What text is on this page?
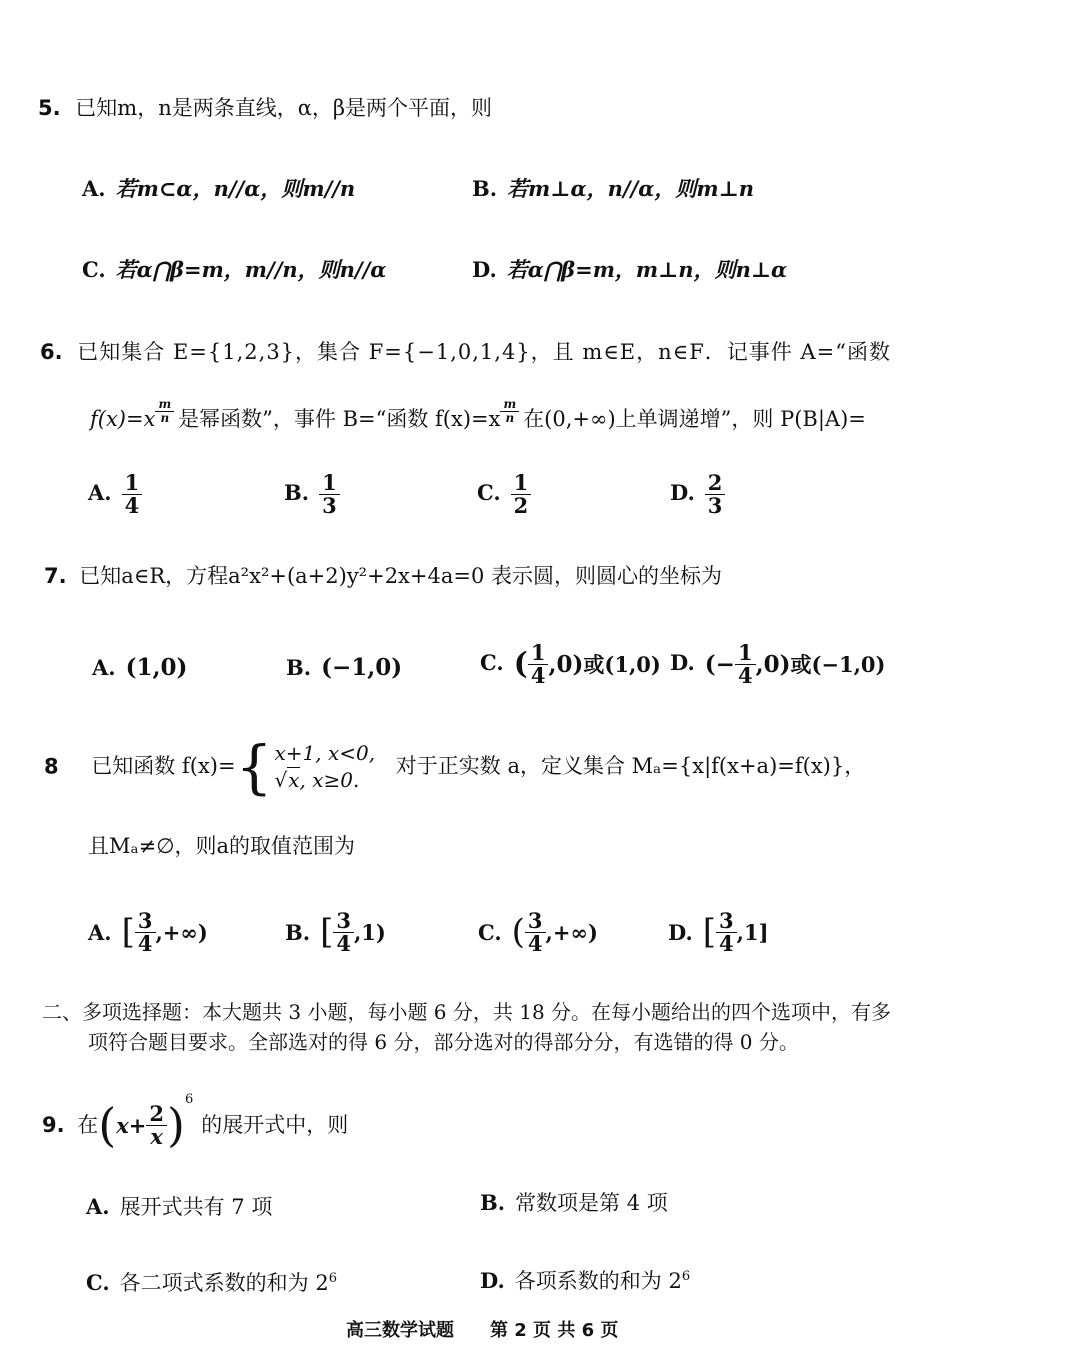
5. 已知m，n是两条直线，α，β是两个平面，则
A. 若m⊂α，n//α，则m//n	B. 若m⊥α，n//α，则m⊥n
C. 若α⋂β=m，m//n，则n//α	D. 若α⋂β=m，m⊥n，则n⊥α
6. 已知集合 E={1,2,3}，集合 F={−1,0,1,4}，且 m∈E，n∈F．记事件 A=“函数
$f(x)=x \frac{m}{n}$ 是幂函数”，事件 B=“函数 $f(x)=x \frac{m}{n}$ 在(0,+∞)上单调递增”，则 P(B|A)=
A. $\frac{1}{4}$	B. $\frac{1}{3}$	C. $\frac{1}{2}$	D. $\frac{2}{3}$
7. 已知a∈R，方程a²x²+(a+2)y²+2x+4a=0 表示圆，则圆心的坐标为
A. (1,0)	B. (−1,0)	C. ( $\frac{1}{4} ,0$)或(1,0) D. (− $\frac{1}{4} ,0$)或(−1,0)
8 已知函数 f(x)= { x+1, x<0,
√x, x≥0.
对于正实数 a，定义集合 Mₐ={x|f(x+a)=f(x)}，
且Mₐ≠∅，则a的取值范围为
A. [ $\frac{3}{4}$ ,+∞)	B. [ $\frac{3}{4} ,1$)	C. ( $\frac{3}{4}$ ,+∞)	D. [ $\frac{3}{4} ,1$]
二、多项选择题：本大题共 3 小题，每小题 6 分，共 18 分。在每小题给出的四个选项中，有多
项符合题目要求。全部选对的得 6 分，部分选对的得部分分，有选错的得 0 分。
9. 在$(x+ \frac{2}{x} )^6$的展开式中，则
A. 展开式共有 7 项	B. 常数项是第 4 项
C. 各二项式系数的和为 $2^6$	D. 各项系数的和为 $2^6$
高三数学试题　　第 2 页 共 6 页
